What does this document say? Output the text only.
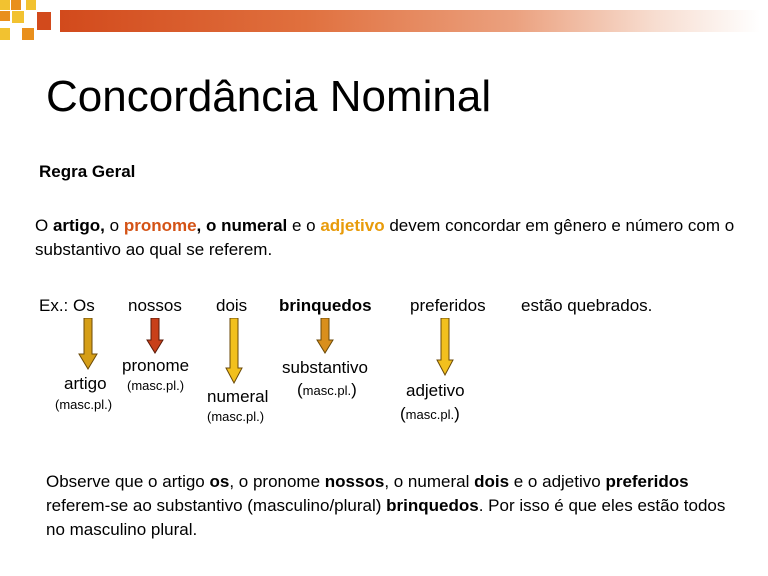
Concordância Nominal
Regra Geral
O artigo, o pronome, o numeral e o adjetivo devem concordar em gênero e número com o substantivo ao qual se referem.
Ex.: Os nossos dois brinquedos preferidos estão quebrados.
artigo
(masc.pl.)
pronome
(masc.pl.)
numeral
(masc.pl.)
substantivo
(masc.pl.)	adjetivo
(masc.pl.)
Observe que o artigo os, o pronome nossos, o numeral dois e o adjetivo preferidos referem-se ao substantivo (masculino/plural) brinquedos. Por isso é que eles estão todos no masculino plural.
